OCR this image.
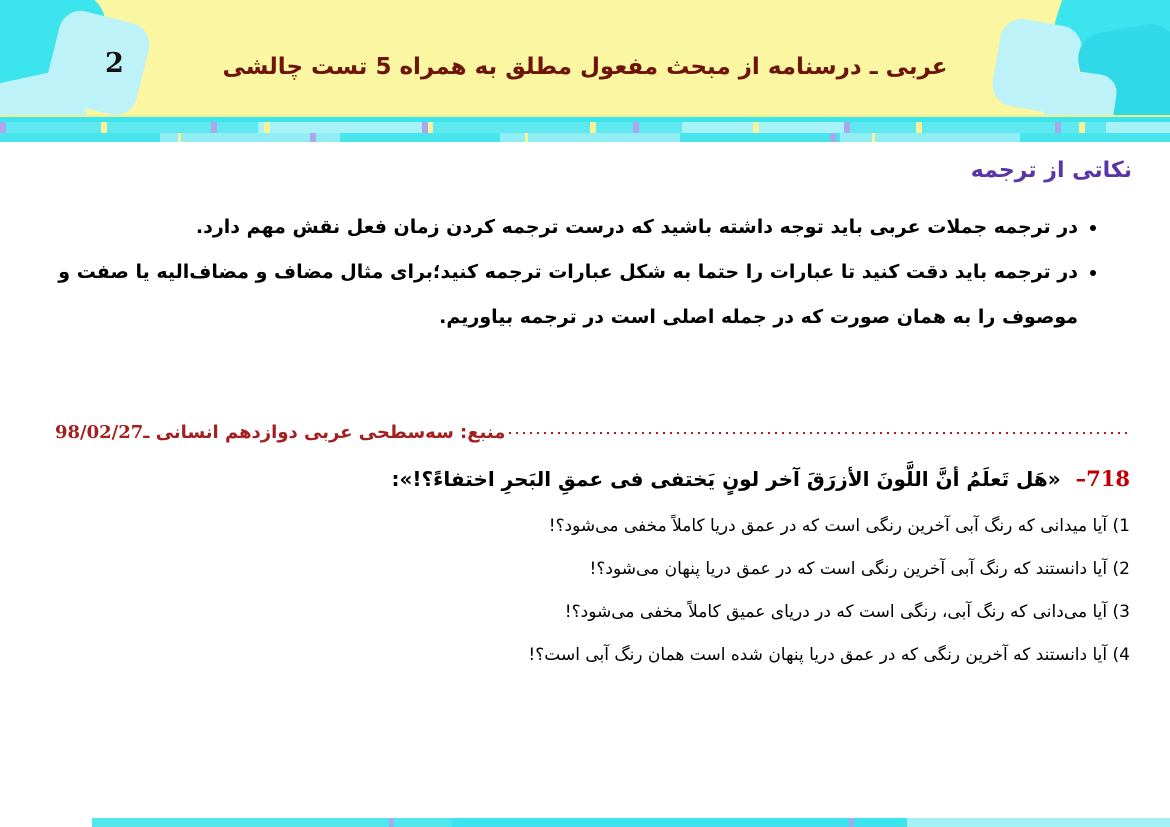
2	عربی ـ درسنامه از مبحث مفعول مطلق به همراه 5 تست چالشی
نکاتی از ترجمه
• در ترجمه جملات عربی باید توجه داشته باشید که درست ترجمه کردن زمان فعل نقش مهم دارد.
• در ترجمه باید دقت کنید تا عبارات را حتما به شکل عبارات ترجمه کنید؛برای مثال مضاف و مضاف‌الیه یا صفت و موصوف را به همان صورت که در جمله اصلی است در ترجمه بیاوریم.
منبع: سه‌سطحی عربی دوازدهم انسانی ـ
98/02/27
718– «هَل تَعلَمُ أنَّ اللَّونَ الأزرَقَ آخر لونٍ یَختفی فی عمقِ البَحرِ اختفاءً؟!»:
1) آیا میدانی که رنگ آبی آخرین رنگی است که در عمق دریا کاملاً مخفی می‌شود؟!
2) آیا دانستند که رنگ آبی آخرین رنگی است که در عمق دریا پنهان می‌شود؟!
3) آیا می‌دانی که رنگ آبی، رنگی است که در دریای عمیق کاملاً مخفی می‌شود؟!
4) آیا دانستند که آخرین رنگی که در عمق دریا پنهان شده است همان رنگ آبی است؟!
